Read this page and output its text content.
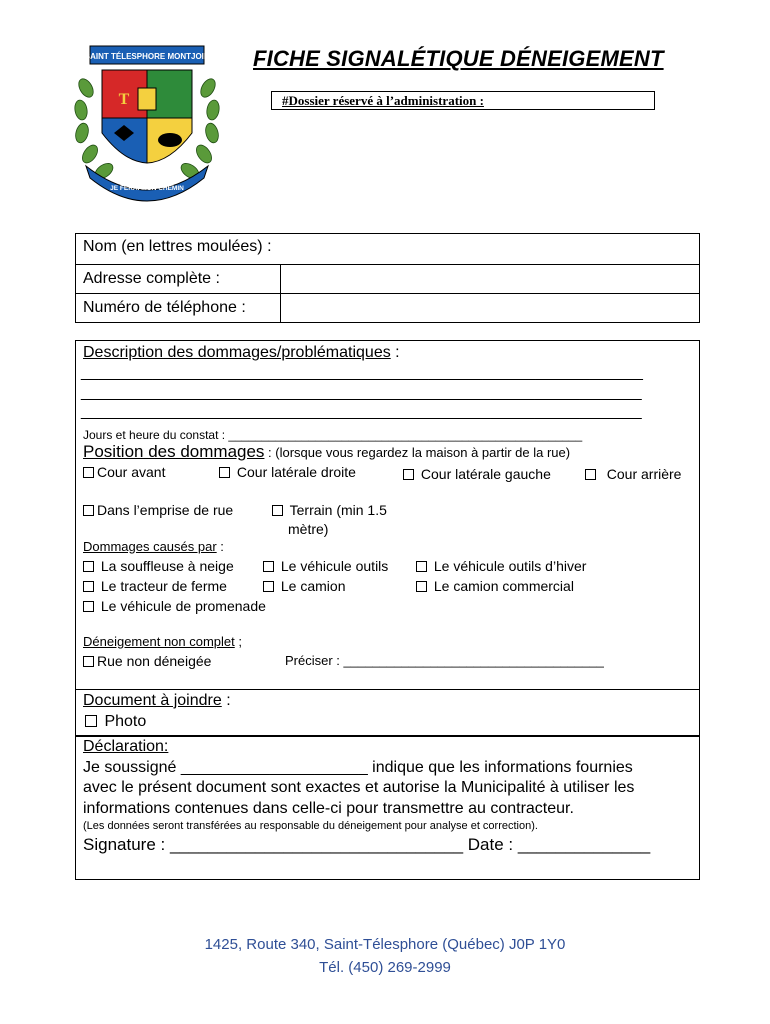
SAINT TÉLESPHORE MONTJOIE
T
JE FERAI MON CHEMIN
FICHE SIGNALÉTIQUE DÉNEIGEMENT
#Dossier réservé à l’administration :
Nom (en lettres moulées) :
Adresse complète :
Numéro de téléphone :
Description des dommages/problématiques :
_______________________________________________________________
_______________________________________________________________
_______________________________________________________________
Jours et heure du constat : _____________________________________________________
Position des dommages : (lorsque vous regardez la maison à partir de la rue)
Cour avant	Cour latérale droite	Cour latérale gauche	Cour arrière
Dans l’emprise de rue	Terrain (min 1.5
mètre)
Dommages causés par :
La souffleuse à neige	Le véhicule outils	Le véhicule outils d’hiver
Le tracteur de ferme	Le camion	Le camion commercial
Le véhicule de promenade
Déneigement non complet ;
Rue non déneigée	Préciser : ____________________________________
Document à joindre :
Photo
Déclaration:
Je soussigné _____________________ indique que les informations fournies
avec le présent document sont exactes et autorise la Municipalité à utiliser les
informations contenues dans celle-ci pour transmettre au contracteur.
(Les données seront transférées au responsable du déneigement pour analyse et correction).
Signature : _______________________________ Date : ______________
1425, Route 340, Saint-Télesphore (Québec) J0P 1Y0
Tél. (450) 269-2999
